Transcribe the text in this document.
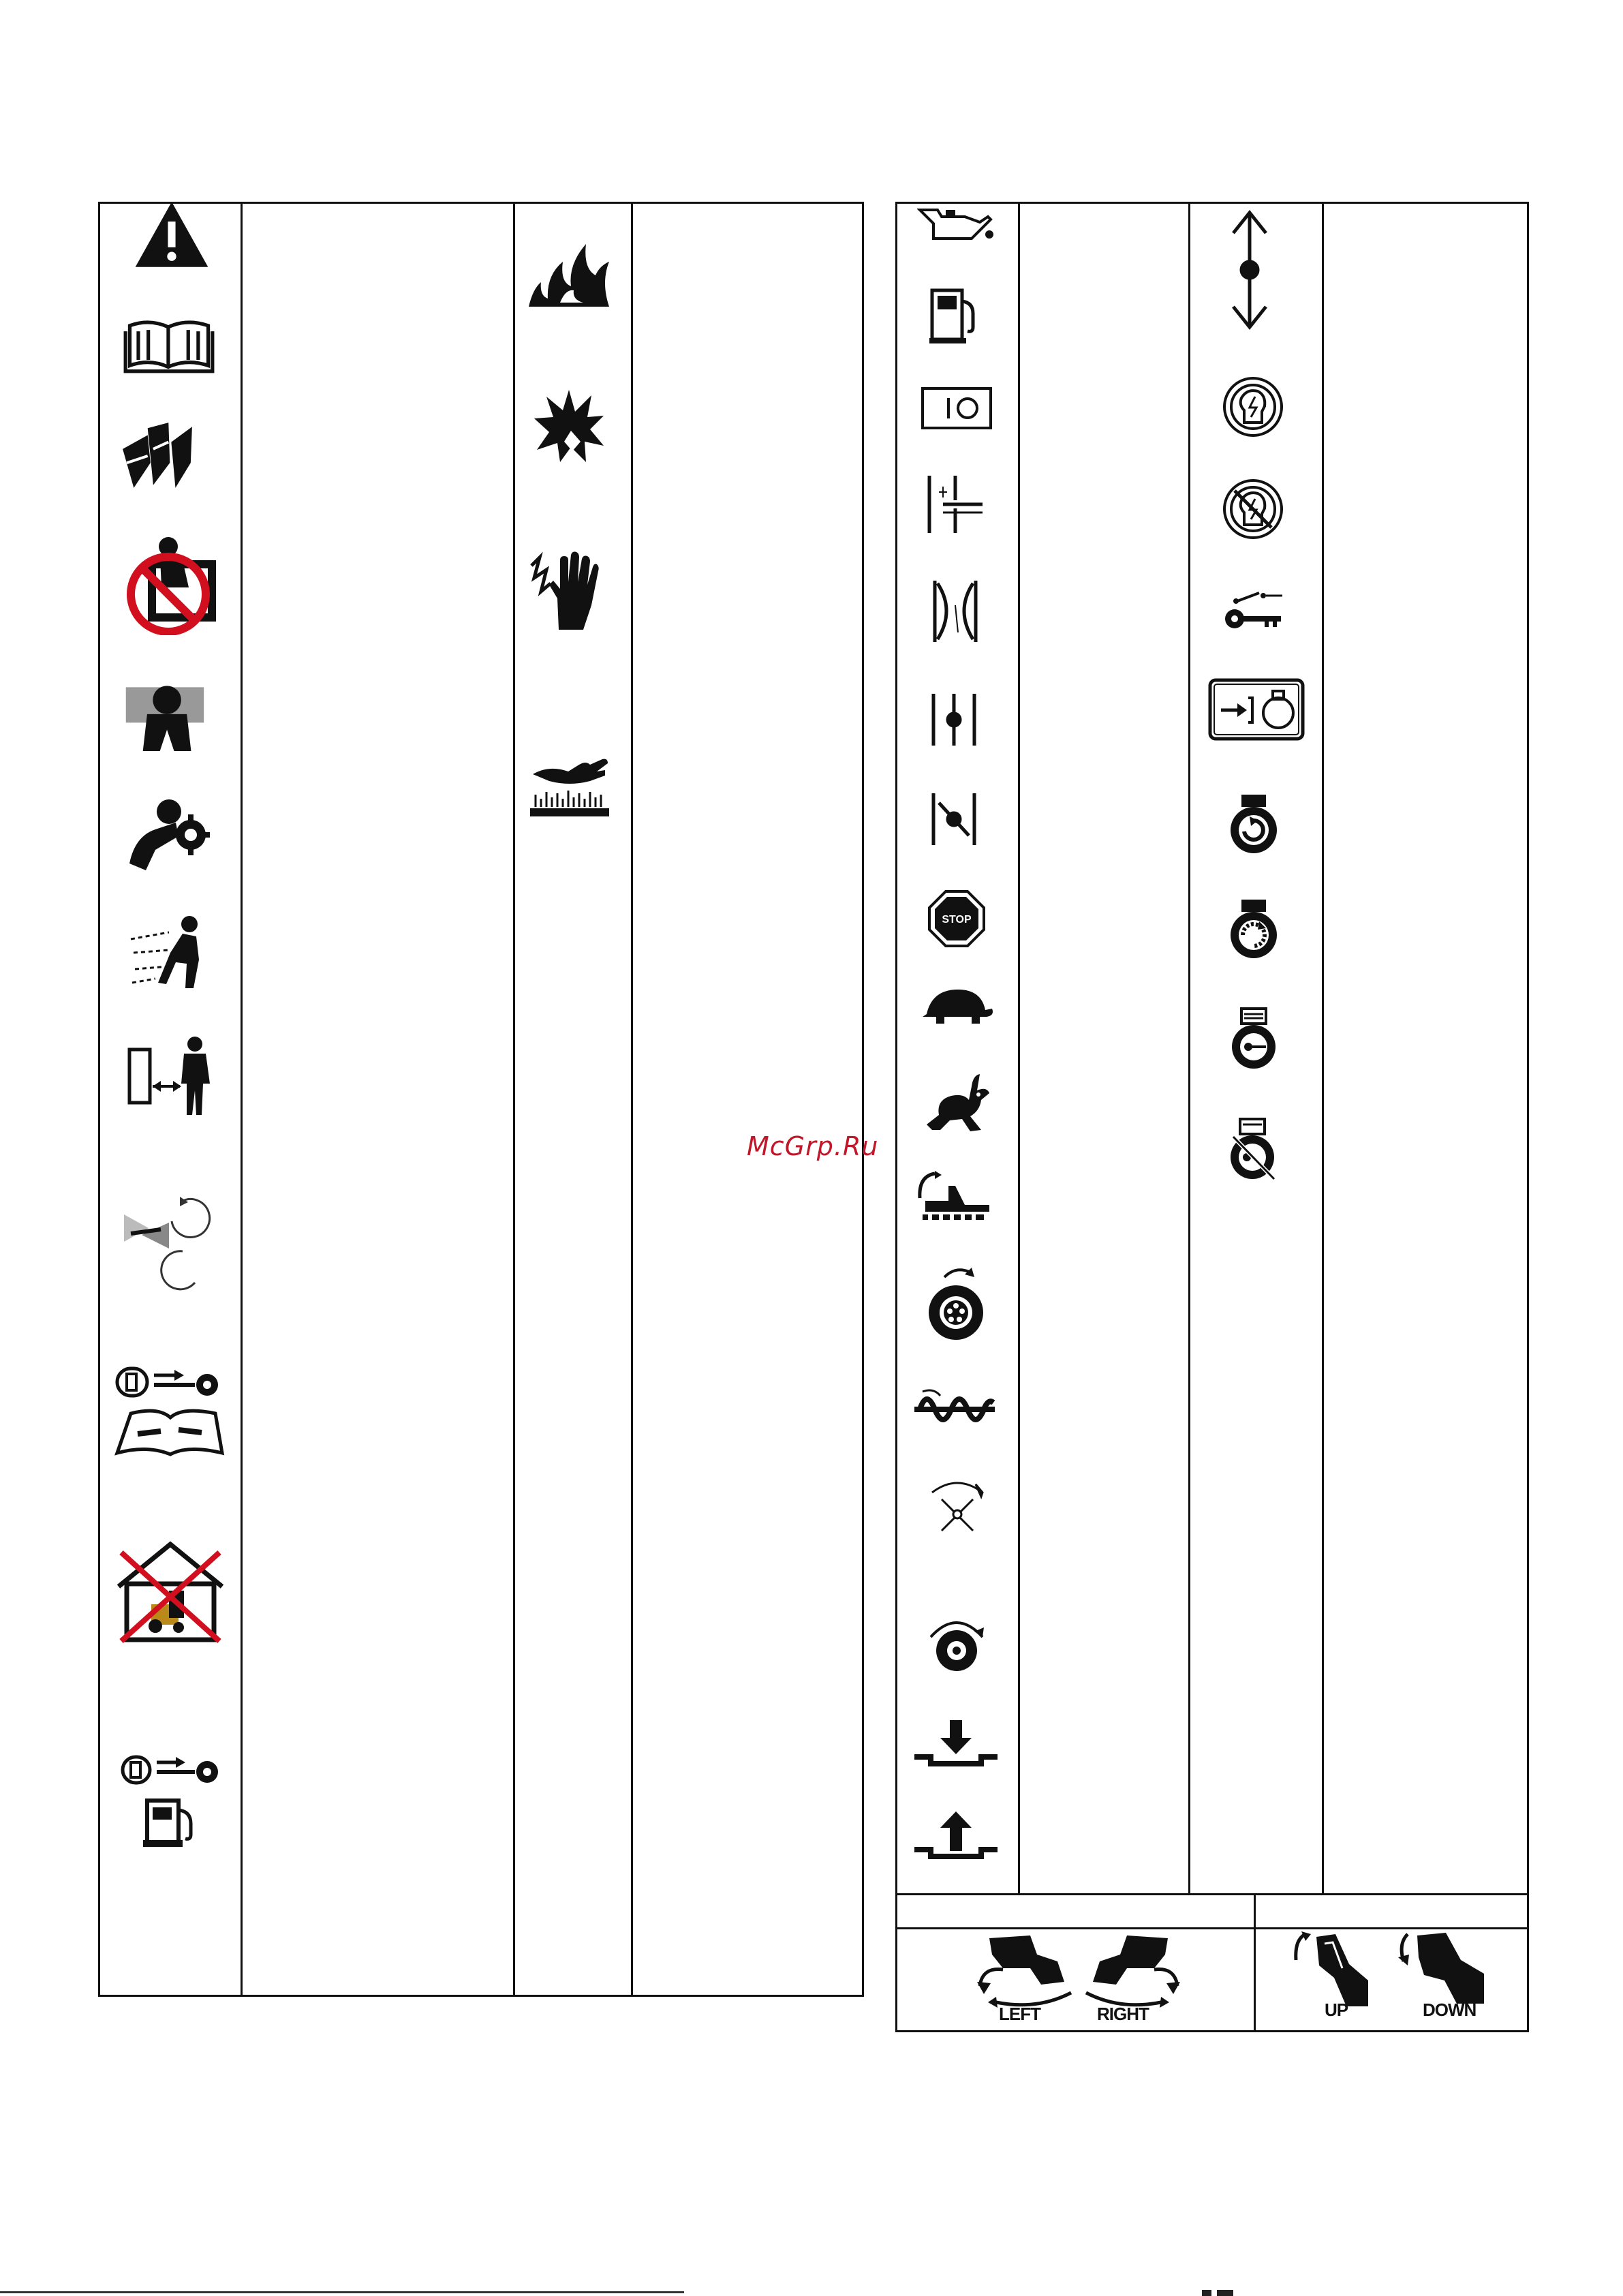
STOP
LEFT	RIGHT	UP	DOWN
McGrp.Ru
